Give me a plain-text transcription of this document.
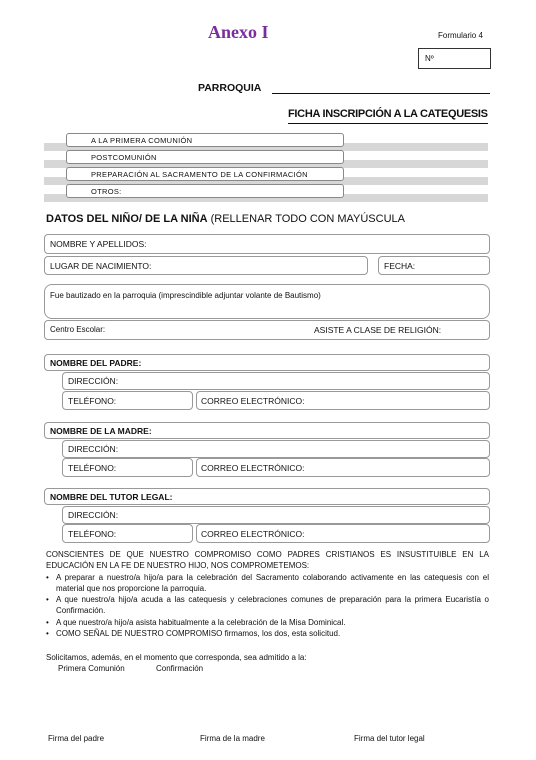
Anexo I	Formulario 4
Nº
PARROQUIA
FICHA INSCRIPCIÓN A LA CATEQUESIS
A LA PRIMERA COMUNIÓN
POSTCOMUNIÓN
PREPARACIÓN AL SACRAMENTO DE LA CONFIRMACIÓN
OTROS:
DATOS DEL NIÑO/ DE LA NIÑA (RELLENAR TODO CON MAYÚSCULA
NOMBRE Y APELLIDOS:
LUGAR DE NACIMIENTO:	FECHA:
Fue bautizado en la parroquia (imprescindible adjuntar volante de Bautismo)
Centro Escolar:	ASISTE A CLASE DE RELIGIÓN:
NOMBRE DEL PADRE:
DIRECCIÓN:
TELÉFONO:	CORREO ELECTRÓNICO:
NOMBRE DE LA MADRE:
DIRECCIÓN:
TELÉFONO:	CORREO ELECTRÓNICO:
NOMBRE DEL TUTOR LEGAL:
DIRECCIÓN:
TELÉFONO:	CORREO ELECTRÓNICO:
CONSCIENTES DE QUE NUESTRO COMPROMISO COMO PADRES CRISTIANOS ES INSUSTITUIBLE EN LA EDUCACIÓN EN LA FE DE NUESTRO HIJO, NOS COMPROMETEMOS:
• A preparar a nuestro/a hijo/a para la celebración del Sacramento colaborando activamente en las catequesis con el material que nos proporcione la parroquia.
• A que nuestro/a hijo/a acuda a las catequesis y celebraciones comunes de preparación para la primera Eucaristía o Confirmación.
• A que nuestro/a hijo/a asista habitualmente a la celebración de la Misa Dominical.
• COMO SEÑAL DE NUESTRO COMPROMISO firmamos, los dos, esta solicitud.
Solicitamos, además, en el momento que corresponda, sea admitido a la:
Primera Comunión	Confirmación
Firma del padre	Firma de la madre	Firma del tutor legal
